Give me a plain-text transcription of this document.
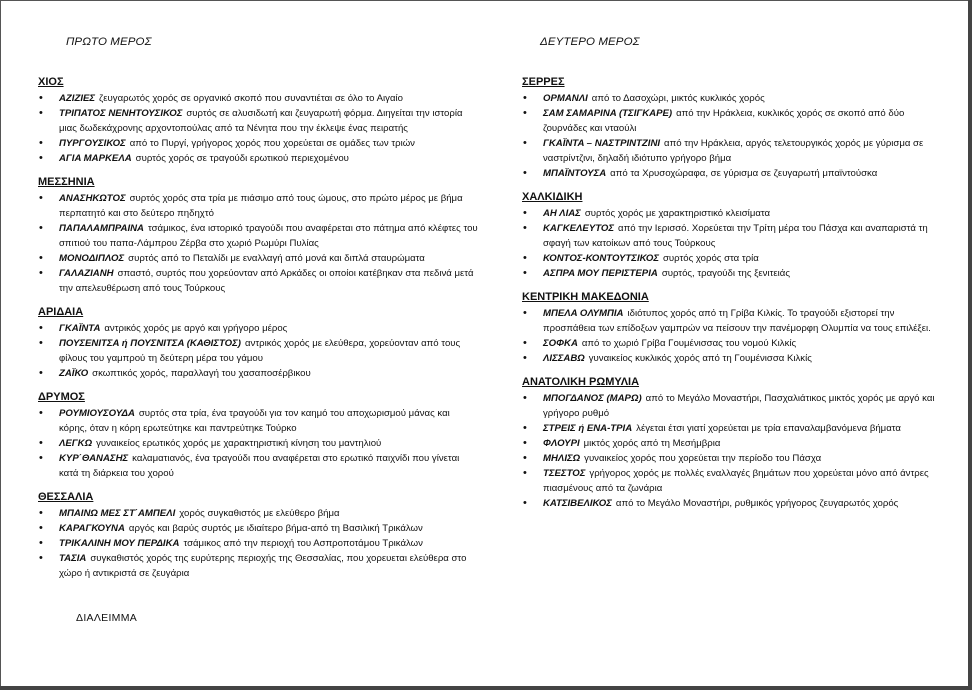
ΠΡΩΤΟ ΜΕΡΟΣ
ΧΙΟΣ
• ΑΖΙΖΙΕΣ ζευγαρωτός χορός σε οργανικό σκοπό που συναντιέται σε όλο το Αιγαίο
• ΤΡΙΠΑΤΟΣ ΝΕΝΗΤΟΥΣΙΚΟΣ συρτός σε αλυσιδωτή και ζευγαρωτή φόρμα. Διηγείται την ιστορία μιας δωδεκάχρονης αρχοντοπούλας από τα Νένητα που την έκλεψε ένας πειρατής
• ΠΥΡΓΟΥΣΙΚΟΣ από το Πυργί, γρήγορος χορός που χορεύεται σε ομάδες των τριών
• ΑΓΙΑ ΜΑΡΚΕΛΑ συρτός χορός σε τραγούδι ερωτικού περιεχομένου
ΜΕΣΣΗΝΙΑ
• ΑΝΑΣΗΚΩΤΟΣ συρτός χορός στα τρία με πιάσιμο από τους ώμους, στο πρώτο μέρος με βήμα περπατητό και στο δεύτερο πηδηχτό
• ΠΑΠΑΛΑΜΠΡΑΙΝΑ τσάμικος, ένα ιστορικό τραγούδι που αναφέρεται στο πάτημα από κλέφτες του σπιτιού του παπα-Λάμπρου Ζέρβα στο χωριό Ρωμύρι Πυλίας
• ΜΟΝΟΔΙΠΛΟΣ συρτός από το Πεταλίδι με εναλλαγή από μονά και διπλά σταυρώματα
• ΓΑΛΑΖΙΑΝΗ σπαστό, συρτός που χορεύονταν από Αρκάδες οι οποίοι κατέβηκαν στα πεδινά μετά την απελευθέρωση από τους Τούρκους
ΑΡΙΔΑΙΑ
• ΓΚΑΪΝΤΑ αντρικός χορός με αργό και γρήγορο μέρος
• ΠΟΥΣΕΝΙΤΣΑ ή ΠΟΥΣΝΙΤΣΑ (ΚΑΘΙΣΤΟΣ) αντρικός χορός με ελεύθερα, χορεύονταν από τους φίλους του γαμπρού τη δεύτερη μέρα του γάμου
• ΖΑΪΚΟ σκωπτικός χορός, παραλλαγή του χασαποσέρβικου
ΔΡΥΜΟΣ
• ΡΟΥΜΙΟΥΣΟΥΔΑ συρτός στα τρία, ένα τραγούδι για τον καημό του αποχωρισμού μάνας και κόρης, όταν η κόρη ερωτεύτηκε και παντρεύτηκε Τούρκο
• ΛΕΓΚΩ γυναικείος ερωτικός χορός με χαρακτηριστική κίνηση του μαντηλιού
• ΚΥΡ΄ΘΑΝΑΣΗΣ καλαματιανός, ένα τραγούδι που αναφέρεται στο ερωτικό παιχνίδι που γίνεται κατά τη διάρκεια του χορού
ΘΕΣΣΑΛΙΑ
• ΜΠΑΙΝΩ ΜΕΣ ΣΤ΄ΑΜΠΕΛΙ χορός συγκαθιστός με ελεύθερο βήμα
• ΚΑΡΑΓΚΟΥΝΑ αργός και βαρύς συρτός με ιδιαίτερο βήμα-από τη Βασιλική Τρικάλων
• ΤΡΙΚΑΛΙΝΗ ΜΟΥ ΠΕΡΔΙΚΑ τσάμικος από την περιοχή του Ασπροποτάμου Τρικάλων
• ΤΑΣΙΑ συγκαθιστός χορός της ευρύτερης περιοχής της Θεσσαλίας, που χορευεται ελεύθερα στο χώρο ή αντικριστά σε ζευγάρια
ΔΕΥΤΕΡΟ ΜΕΡΟΣ
ΣΕΡΡΕΣ
• ΟΡΜΑΝΛΙ από το Δασοχώρι, μικτός κυκλικός χορός
• ΣΑΜ ΣΑΜΑΡΙΝΑ (ΤΣΙΓΚΑΡΕ) από την Ηράκλεια, κυκλικός χορός σε σκοπό από δύο ζουρνάδες και νταούλι
• ΓΚΑΪΝΤΑ – ΝΑΣΤΡΙΝΤΖΙΝΙ από την Ηράκλεια, αργός τελετουργικός χορός με γύρισμα σε ναστρίντζινι, δηλαδή ιδιότυπο γρήγορο βήμα
• ΜΠΑΪΝΤΟΥΣΑ από τα Χρυσοχώραφα, σε γύρισμα σε ζευγαρωτή μπαϊντούσκα
ΧΑΛΚΙΔΙΚΗ
• ΑΗ ΛΙΑΣ συρτός χορός με χαρακτηριστικό κλεισίματα
• ΚΑΓΚΕΛΕΥΤΟΣ από την Ιερισσό. Χορεύεται την Τρίτη μέρα του Πάσχα και αναπαριστά τη σφαγή των κατοίκων από τους Τούρκους
• ΚΟΝΤΟΣ-ΚΟΝΤΟΥΤΣΙΚΟΣ συρτός χορός στα τρία
• ΑΣΠΡΑ ΜΟΥ ΠΕΡΙΣΤΕΡΙΑ συρτός, τραγούδι της ξενιτειάς
ΚΕΝΤΡΙΚΗ ΜΑΚΕΔΟΝΙΑ
• ΜΠΕΛΑ ΟΛΥΜΠΙΑ ιδιότυπος χορός από τη Γρίβα Κιλκίς. Το τραγούδι εξιστορεί την προσπάθεια των επίδοξων γαμπρών να πείσουν την πανέμορφη Ολυμπία να τους επιλέξει.
• ΣΟΦΚΑ από το χωριό Γρίβα Γουμένισσας του νομού Κιλκίς
• ΛΙΣΣΑΒΩ γυναικείος κυκλικός χορός από τη Γουμένισσα Κιλκίς
ΑΝΑΤΟΛΙΚΗ ΡΩΜΥΛΙΑ
• ΜΠΟΓΔΑΝΟΣ (ΜΑΡΩ) από το Μεγάλο Μοναστήρι, Πασχαλιάτικος μικτός χορός με αργό και γρήγορο ρυθμό
• ΣΤΡΕΙΣ ή ΕΝΑ-ΤΡΙΑ λέγεται έτσι γιατί χορεύεται με τρία επαναλαμβανόμενα βήματα
• ΦΛΟΥΡΙ μικτός χορός από τη Μεσήμβρια
• ΜΗΛΙΣΩ γυναικείος χορός που χορεύεται την περίοδο του Πάσχα
• ΤΣΕΣΤΟΣ γρήγορος χορός με πολλές εναλλαγές βημάτων που χορεύεται μόνο από άντρες πιασμένους από τα ζωνάρια
• ΚΑΤΣΙΒΕΛΙΚΟΣ από το Μεγάλο Μοναστήρι, ρυθμικός γρήγορος ζευγαρωτός χορός
ΔΙΑΛΕΙΜΜΑ
